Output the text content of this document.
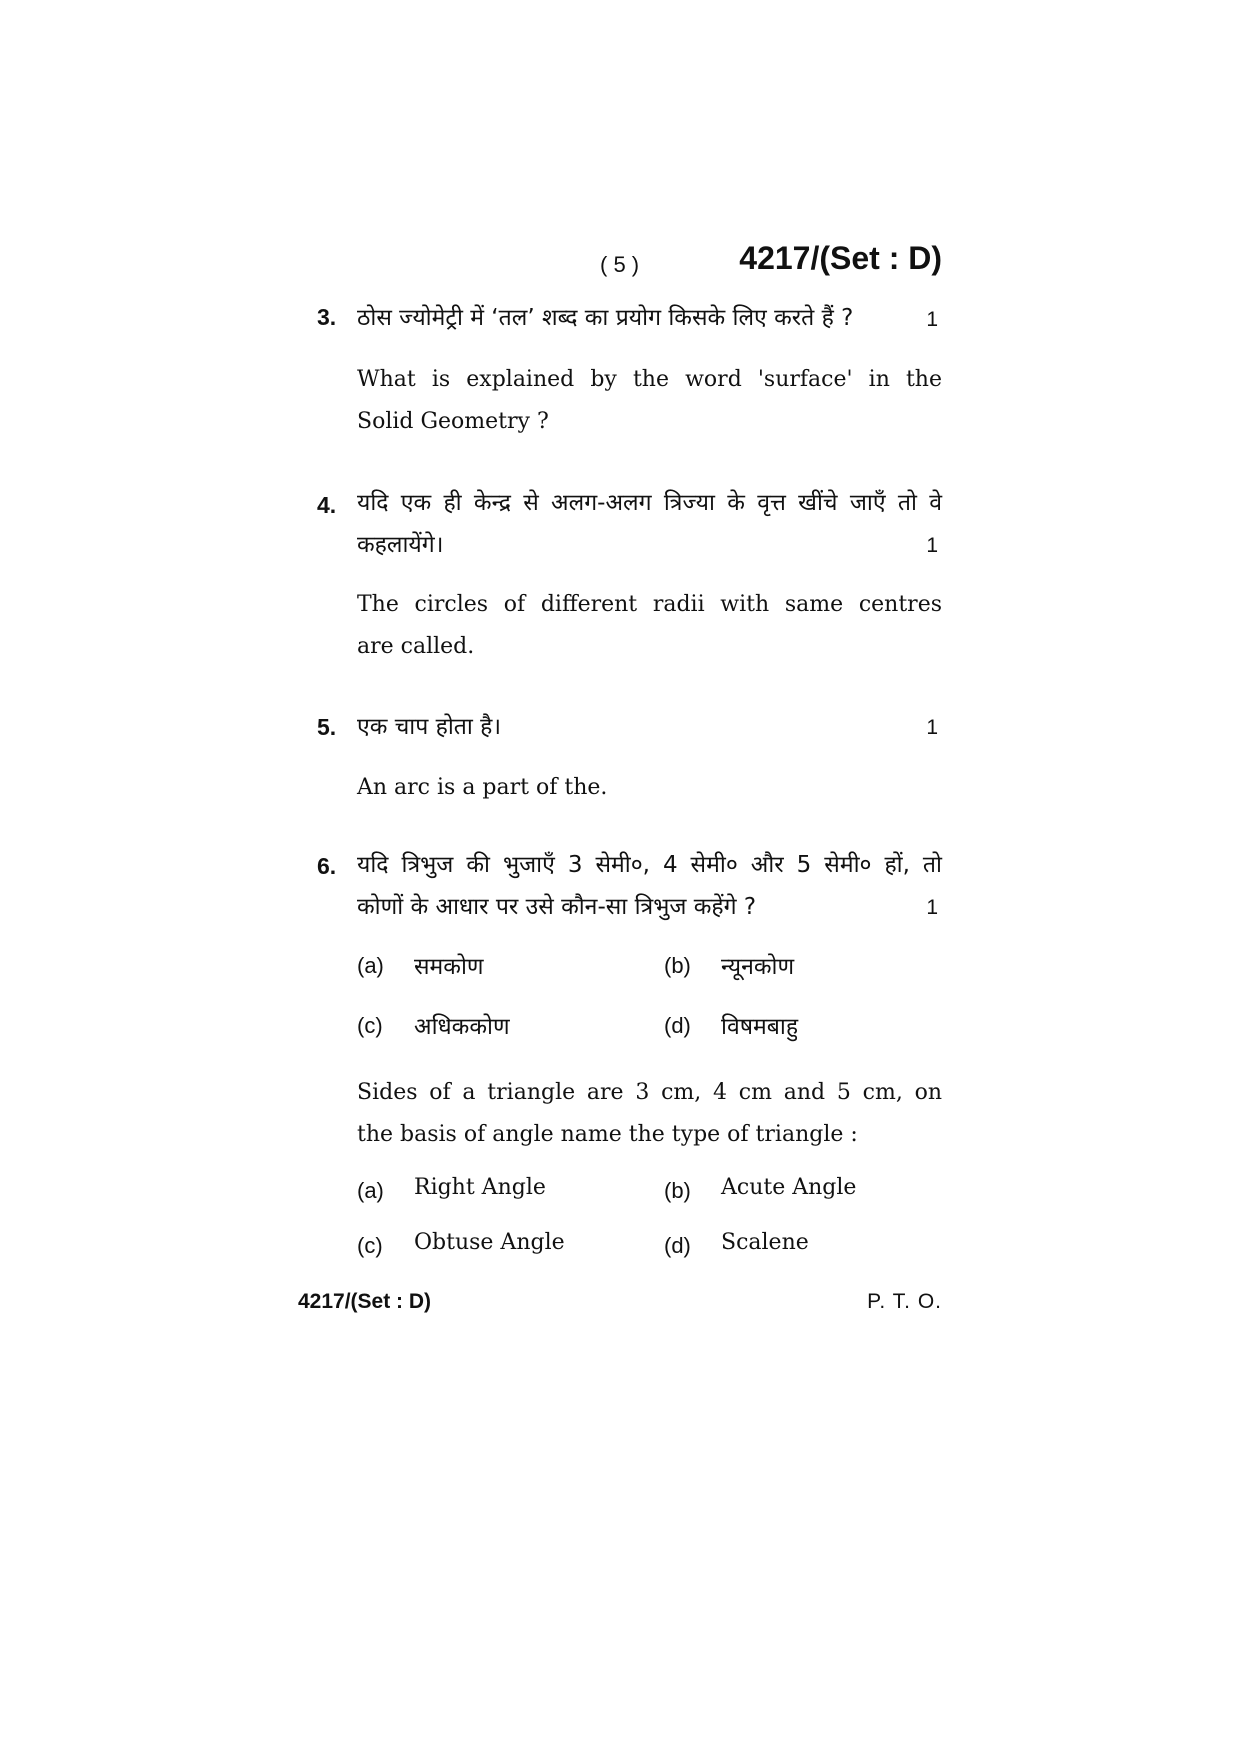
( 5 )	4217/(Set : D)
3. ठोस ज्योमेट्री में ‘तल’ शब्द का प्रयोग किसके लिए करते हैं ?	1
What is explained by the word 'surface' in the
Solid Geometry ?
4. यदि एक ही केन्द्र से अलग-अलग त्रिज्या के वृत्त खींचे जाएँ तो वे
कहलायेंगे।	1
The circles of different radii with same centres
are called.
5. एक चाप होता है।	1
An arc is a part of the.
6. यदि त्रिभुज की भुजाएँ 3 सेमी०, 4 सेमी० और 5 सेमी० हों, तो
कोणों के आधार पर उसे कौन-सा त्रिभुज कहेंगे ?	1
(a) समकोण	(b) न्यूनकोण
(c) अधिककोण	(d) विषमबाहु
Sides of a triangle are 3 cm, 4 cm and 5 cm, on
the basis of angle name the type of triangle :
(a) Right Angle	(b) Acute Angle
(c) Obtuse Angle	(d) Scalene
4217/(Set : D)	P. T. O.
